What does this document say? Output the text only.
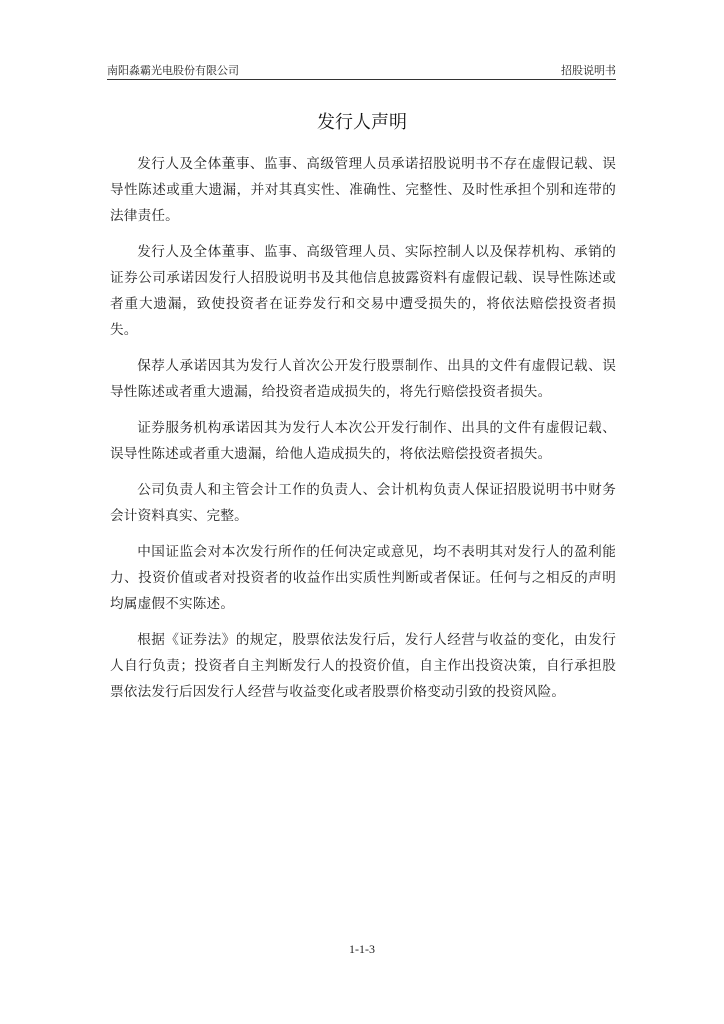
南阳淼霸光电股份有限公司	招股说明书
发行人声明

发行人及全体董事、监事、高级管理人员承诺招股说明书不存在虚假记载、误导性陈述或重大遗漏，并对其真实性、准确性、完整性、及时性承担个别和连带的法律责任。

发行人及全体董事、监事、高级管理人员、实际控制人以及保荐机构、承销的证券公司承诺因发行人招股说明书及其他信息披露资料有虚假记载、误导性陈述或者重大遗漏，致使投资者在证券发行和交易中遭受损失的，将依法赔偿投资者损失。

保荐人承诺因其为发行人首次公开发行股票制作、出具的文件有虚假记载、误导性陈述或者重大遗漏，给投资者造成损失的，将先行赔偿投资者损失。

证券服务机构承诺因其为发行人本次公开发行制作、出具的文件有虚假记载、误导性陈述或者重大遗漏，给他人造成损失的，将依法赔偿投资者损失。

公司负责人和主管会计工作的负责人、会计机构负责人保证招股说明书中财务会计资料真实、完整。

中国证监会对本次发行所作的任何决定或意见，均不表明其对发行人的盈利能力、投资价值或者对投资者的收益作出实质性判断或者保证。任何与之相反的声明均属虚假不实陈述。

根据《证券法》的规定，股票依法发行后，发行人经营与收益的变化，由发行人自行负责；投资者自主判断发行人的投资价值，自主作出投资决策，自行承担股票依法发行后因发行人经营与收益变化或者股票价格变动引致的投资风险。

1-1-3
